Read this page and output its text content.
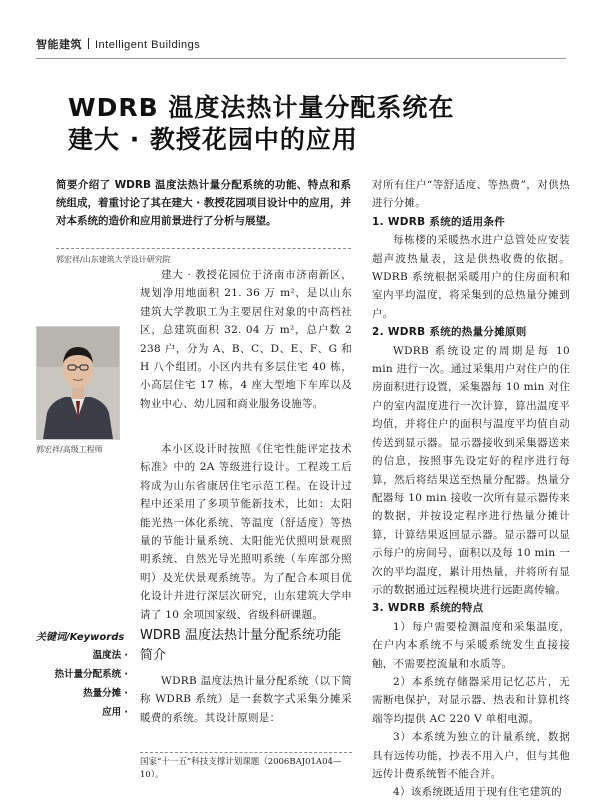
智能建筑 Intelligent Buildings
WDRB 温度法热计量分配系统在
建大 · 教授花园中的应用
简要介绍了 WDRB 温度法热计量分配系统的功能、特点和系统组成，着重讨论了其在建大 · 教授花园项目设计中的应用，并对本系统的造价和应用前景进行了分析与展望。
郭宏祥/山东建筑大学设计研究院
郭宏祥/高级工程师

建大 · 教授花园位于济南市济南新区，规划净用地面积 21. 36 万 m²，是以山东建筑大学教职工为主要居住对象的中高档社区，总建筑面积 32. 04 万 m²，总户数 2 238 户，分为 A、B、C、D、E、F、G 和 H 八个组团。小区内共有多层住宅 40 栋，小高层住宅 17 栋，4 座大型地下车库以及物业中心、幼儿园和商业服务设施等。

本小区设计时按照《住宅性能评定技术标准》中的 2A 等级进行设计。工程竣工后将成为山东省康居住宅示范工程。在设计过程中还采用了多项节能新技术，比如：太阳能光热一体化系统、等温度（舒适度）等热量的节能计量系统、太阳能光伏照明景观照明系统、自然光导光照明系统（车库部分照明）及光伏景观系统等。为了配合本项目优化设计并进行深层次研究，山东建筑大学申请了 10 余项国家级、省级科研课题。

关键词/Keywords
温度法 ·
热计量分配系统 ·
热量分摊 ·
应用 ·
WDRB 温度法热计量分配系统功能简介

WDRB 温度法热计量分配系统（以下简称 WDRB 系统）是一套数字式采集分摊采暖费的系统。其设计原则是：

国家“十一五”科技支撑计划课题（2006BAJ01A04—10）。

对所有住户“等舒适度、等热费”，对供热进行分摊。

1. WDRB 系统的适用条件

每栋楼的采暖热水进户总管处应安装超声波热量表，这是供热收费的依据。WDRB 系统根据采暖用户的住房面积和室内平均温度，将采集到的总热量分摊到户。

2. WDRB 系统的热量分摊原则

WDRB 系统设定的周期是每 10 min 进行一次。通过采集用户对住户的住房面积进行设置，采集器每 10 min 对住户的室内温度进行一次计算，算出温度平均值，并将住户的面积与温度平均值自动传送到显示器。显示器接收到采集器送来的信息，按照事先设定好的程序进行每算，然后将结果送至热量分配器。热量分配器每 10 min 接收一次所有显示器传来的数据，并按设定程序进行热量分摊计算，计算结果返回显示器。显示器可以显示每户的房间号、面积以及每 10 min 一次的平均温度，累计用热量，并将所有显示的数据通过远程模块进行远距离传输。

3. WDRB 系统的特点

1）每户需要检测温度和采集温度，在户内本系统不与采暖系统发生直接接触，不需要控流量和水质等。

2）本系统存储器采用记忆芯片，无需断电保护，对显示器、热表和计算机终端等均提供 AC 220 V 单相电源。

3）本系统为独立的计量系统，数据具有远传功能，抄表不用入户，但与其他远传计费系统暂不能合并。

4）该系统既适用于现有住宅建筑的
